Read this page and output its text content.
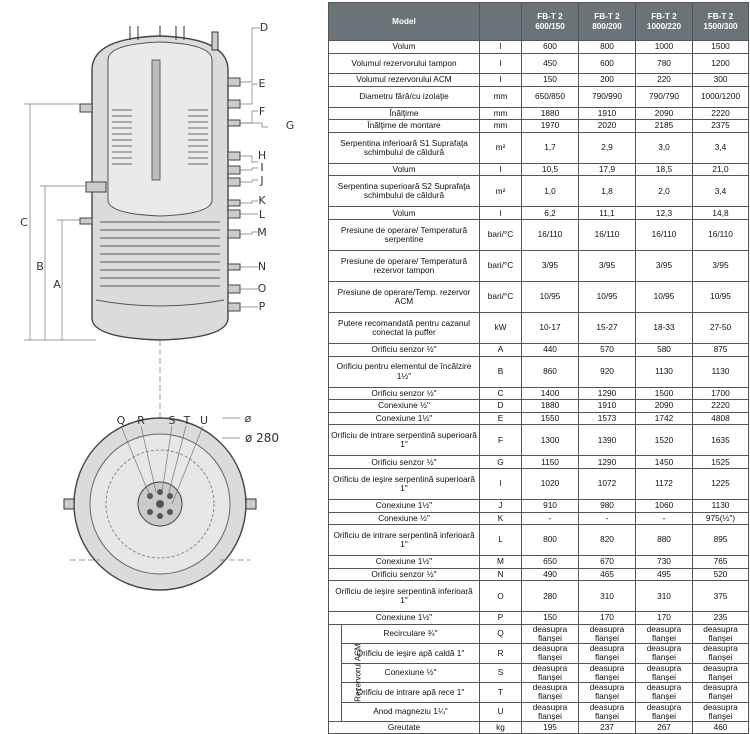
D
E
F
G
H
I
J
K
L
M
N
O
P
C
B
A
Q R S T U	ø
ø 280
Model			FB-T 2 600/150	FB-T 2 800/200	FB-T 2 1000/220	FB-T 2 1500/300
Volum		l	600	800	1000	1500
Volumul rezervorului tampon		l	450	600	780	1200
Volumul rezervorului ACM		l	150	200	220	300
Diametru fără/cu izolaţie		mm	650/850	790/990	790/790	1000/1200
Înălţime		mm	1880	1910	2090	2220
Înălţime de montare		mm	1970	2020	2185	2375
Serpentina inferioară S1 Suprafaţa schimbului de căldură		m²	1,7	2,9	3,0	3,4
Volum		l	10,5	17,9	18,5	21,0
Serpentina superioară S2 Suprafaţa schimbului de căldură		m²	1,0	1,8	2,0	3,4
Volum		l	6,2	11,1	12,3	14,8
Presiune de operare/ Temperatură serpentine		bari/°C	16/110	16/110	16/110	16/110
Presiune de operare/ Temperatură rezervor tampon		bari/°C	3/95	3/95	3/95	3/95
Presiune de operare/Temp. rezervor ACM		bari/°C	10/95	10/95	10/95	10/95
Putere recomandată pentru cazanul conectat la puffer		kW	10-17	15-27	18-33	27-50
Orificiu senzor ½"		A	440	570	580	875
Orificiu pentru elementul de încălzire 1½"		B	860	920	1130	1130
Orificiu senzor ½"		C	1400	1290	1500	1700
Conexiune ½"		D	1880	1910	2090	2220
Conexiune 1½"		E	1550	1573	1742	4808
Orificiu de intrare serpentină superioară 1"		F	1300	1390	1520	1635
Orificiu senzor ½"		G	1150	1290	1450	1525
Orificiu de ieşire serpentină superioară 1"		I	1020	1072	1172	1225
Conexiune 1½"		J	910	980	1060	1130
Conexiune ½"		K	-	-	-	975(½")
Orificiu de intrare serpentină inferioară 1"		L	800	820	880	895
Conexiune 1½"		M	650	670	730	765
Orificiu senzor ½"		N	490	465	495	520
Orificiu de ieşire serpentină inferioară 1"		O	280	310	310	375
Conexiune 1½"		P	150	170	170	235
Rezervorul ACM	Recirculare ¾"	Q	deasupra flanşei	deasupra flanşei	deasupra flanşei	deasupra flanşei
	Orificiu de ieşire apă caldă 1"	R	deasupra flanşei	deasupra flanşei	deasupra flanşei	deasupra flanşei
	Conexiune ½"	S	deasupra flanşei	deasupra flanşei	deasupra flanşei	deasupra flanşei
	Orificiu de intrare apă rece 1"	T	deasupra flanşei	deasupra flanşei	deasupra flanşei	deasupra flanşei
	Anod magneziu 1¼"	U	deasupra flanşei	deasupra flanşei	deasupra flanşei	deasupra flanşei
Greutate		kg	195	237	267	460
